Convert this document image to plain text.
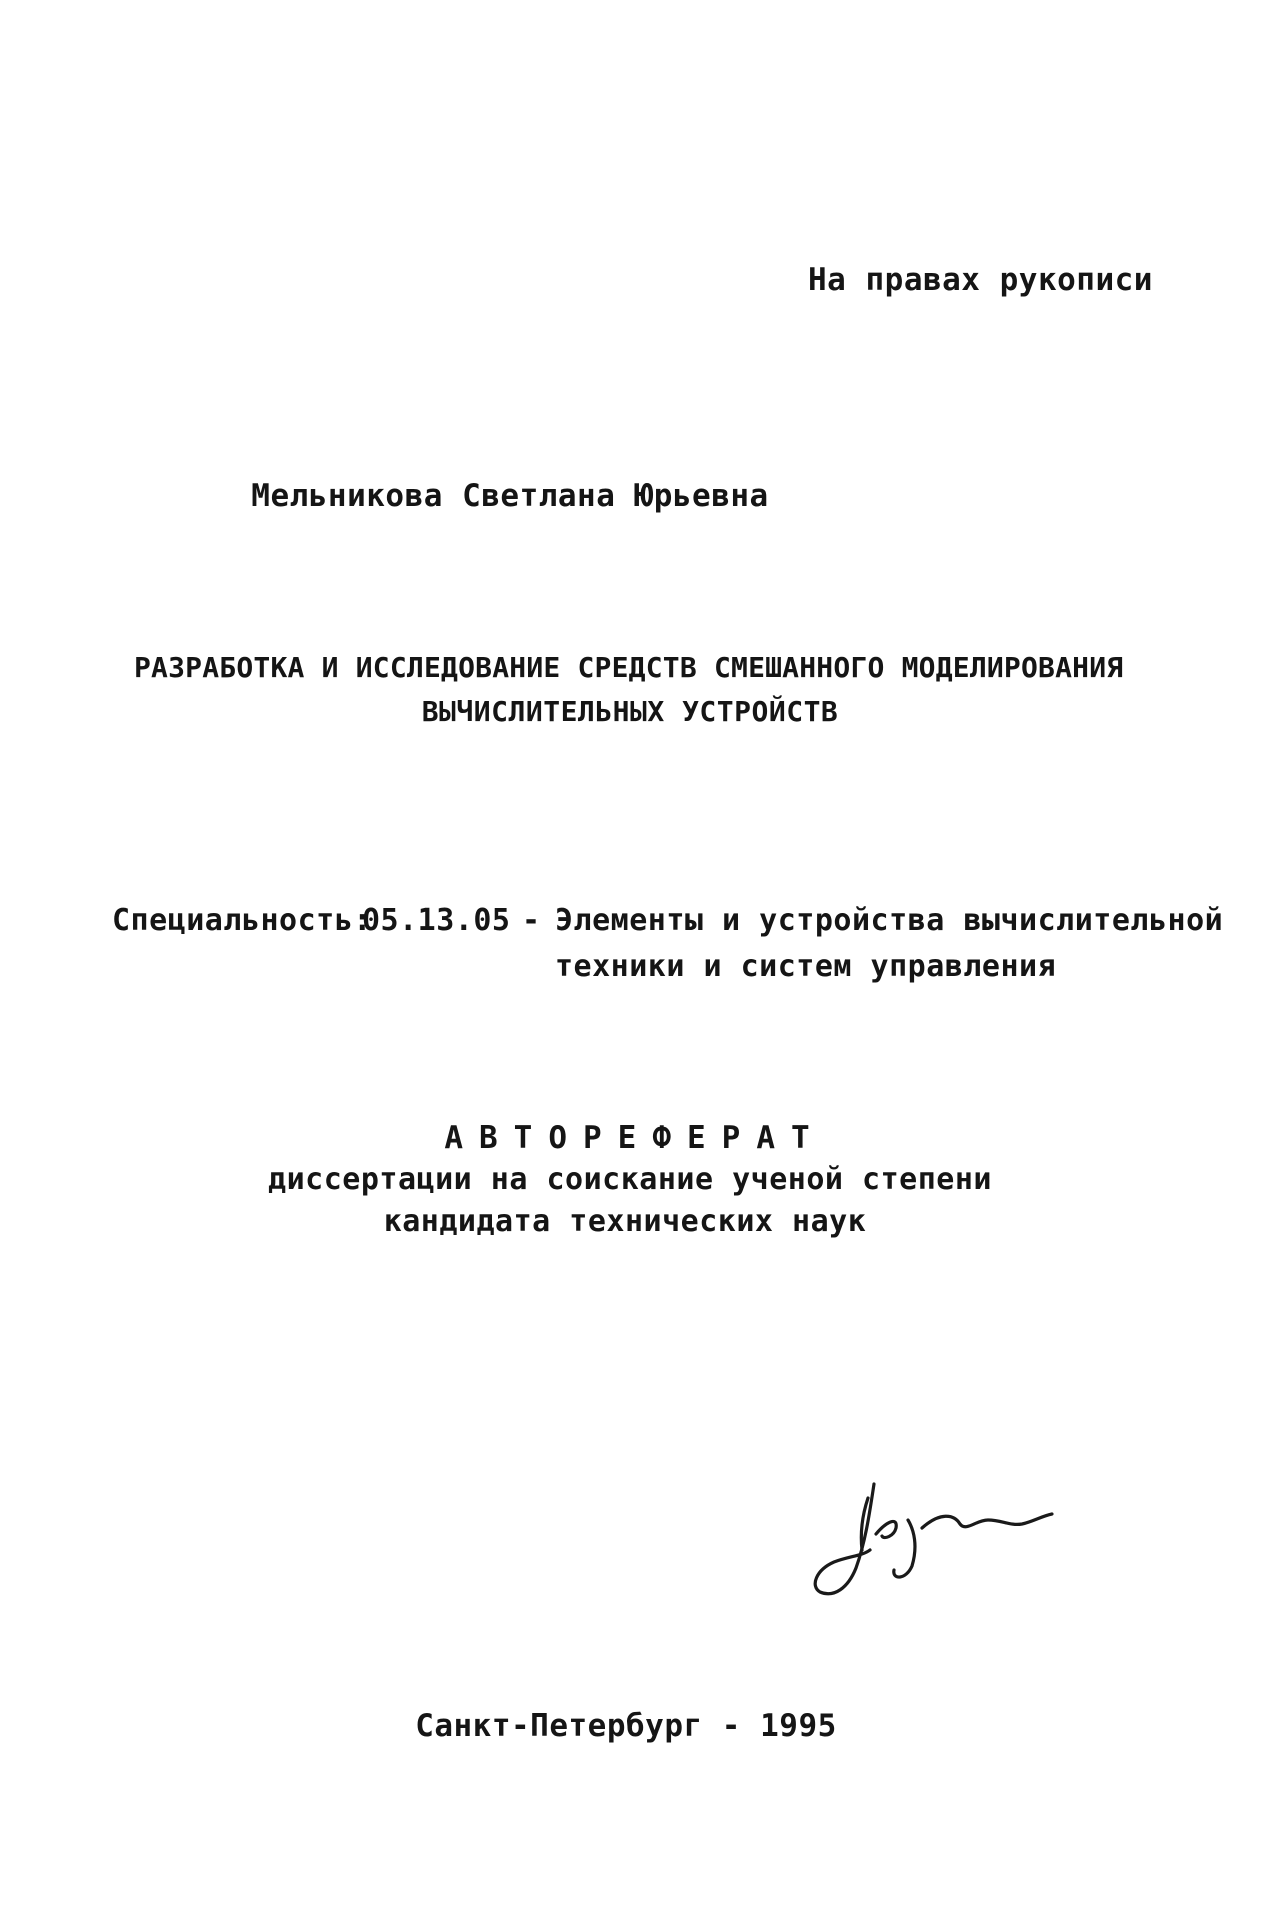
На правах рукописи
Мельникова Светлана Юрьевна
РАЗРАБОТКА И ИССЛЕДОВАНИЕ СРЕДСТВ СМЕШАННОГО МОДЕЛИРОВАНИЯ
ВЫЧИСЛИТЕЛЬНЫХ УСТРОЙСТВ
Специальность:
05.13.05 - Элементы и устройства вычислительной
техники и систем управления
АВТОРЕФЕРАТ
диссертации на соискание ученой степени
кандидата технических наук
Санкт-Петербург - 1995
